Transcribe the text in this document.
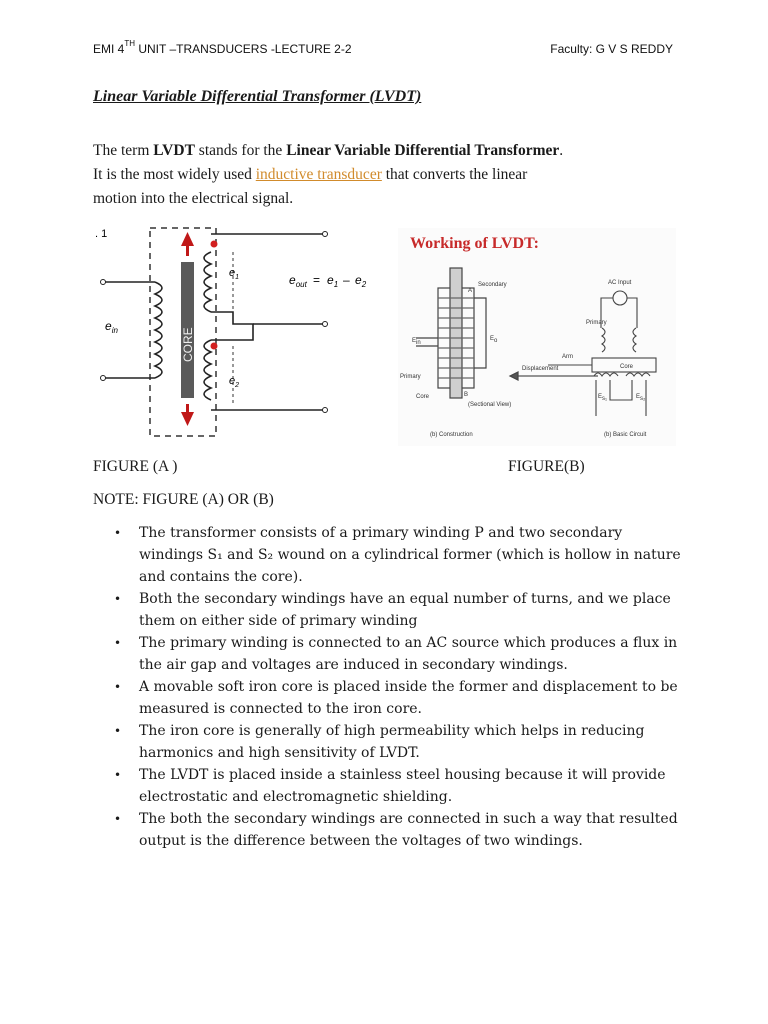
EMI 4TH UNIT –TRANSDUCERS -LECTURE 2-2	Faculty: G V S REDDY
Linear Variable Differential Transformer (LVDT)
The term LVDT stands for the Linear Variable Differential Transformer.
It is the most widely used inductive transducer that converts the linear
motion into the electrical signal.
. 1
$e_{in}$	CORE
$e_1$
$e_2$
$e_{out} = e_1 - e_2$
Working of LVDT:
Secondary
A
B
Primary
Core
Ein
Eo
Displacement
(Sectional View)
(b) Construction
AC Input
Primary
Arm
Core
Es₁	Es₂
(b) Basic Circuit
FIGURE (A )	FIGURE(B)
NOTE: FIGURE (A) OR (B)
• The transformer consists of a primary winding P and two secondary windings S₁ and S₂ wound on a cylindrical former (which is hollow in nature and contains the core).
• Both the secondary windings have an equal number of turns, and we place them on either side of primary winding
• The primary winding is connected to an AC source which produces a flux in the air gap and voltages are induced in secondary windings.
• A movable soft iron core is placed inside the former and displacement to be measured is connected to the iron core.
• The iron core is generally of high permeability which helps in reducing harmonics and high sensitivity of LVDT.
• The LVDT is placed inside a stainless steel housing because it will provide electrostatic and electromagnetic shielding.
• The both the secondary windings are connected in such a way that resulted output is the difference between the voltages of two windings.
